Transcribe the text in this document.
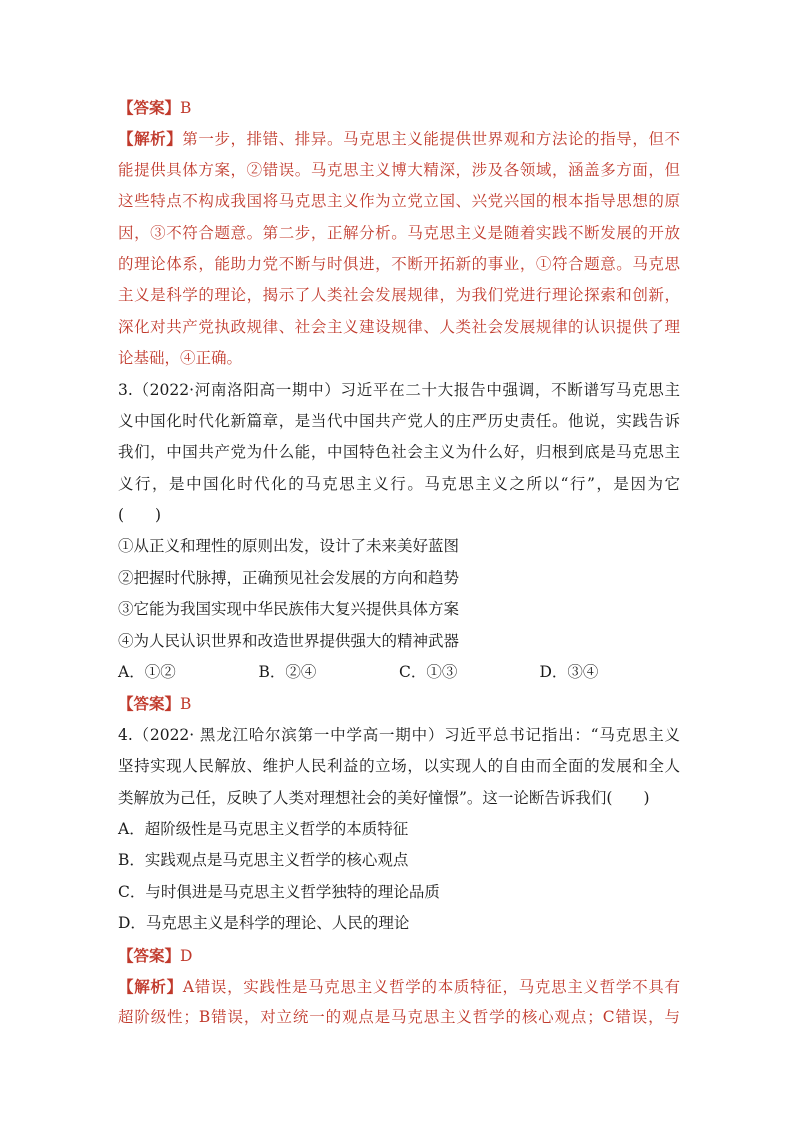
【答案】B
【解析】第一步，排错、排异。马克思主义能提供世界观和方法论的指导，但不
能提供具体方案，②错误。马克思主义博大精深，涉及各领域，涵盖多方面，但
这些特点不构成我国将马克思主义作为立党立国、兴党兴国的根本指导思想的原
因，③不符合题意。第二步，正解分析。马克思主义是随着实践不断发展的开放
的理论体系，能助力党不断与时俱进，不断开拓新的事业，①符合题意。马克思
主义是科学的理论，揭示了人类社会发展规律，为我们党进行理论探索和创新，
深化对共产党执政规律、社会主义建设规律、人类社会发展规律的认识提供了理
论基础，④正确。
3.（2022·河南洛阳高一期中）习近平在二十大报告中强调，不断谱写马克思主
义中国化时代化新篇章，是当代中国共产党人的庄严历史责任。他说，实践告诉
我们，中国共产党为什么能，中国特色社会主义为什么好，归根到底是马克思主
义行，是中国化时代化的马克思主义行。马克思主义之所以“行”，是因为它
(　　)
①从正义和理性的原则出发，设计了未来美好蓝图
②把握时代脉搏，正确预见社会发展的方向和趋势
③它能为我国实现中华民族伟大复兴提供具体方案
④为人民认识世界和改造世界提供强大的精神武器
A．①②	B．②④	C．①③	D．③④
【答案】B
4.（2022· 黑龙江哈尔滨第一中学高一期中）习近平总书记指出：“马克思主义
坚持实现人民解放、维护人民利益的立场，以实现人的自由而全面的发展和全人
类解放为己任，反映了人类对理想社会的美好憧憬”。这一论断告诉我们(　　)
A．超阶级性是马克思主义哲学的本质特征
B．实践观点是马克思主义哲学的核心观点
C．与时俱进是马克思主义哲学独特的理论品质
D．马克思主义是科学的理论、人民的理论
【答案】D
【解析】A错误，实践性是马克思主义哲学的本质特征，马克思主义哲学不具有
超阶级性；B错误，对立统一的观点是马克思主义哲学的核心观点；C错误，与
